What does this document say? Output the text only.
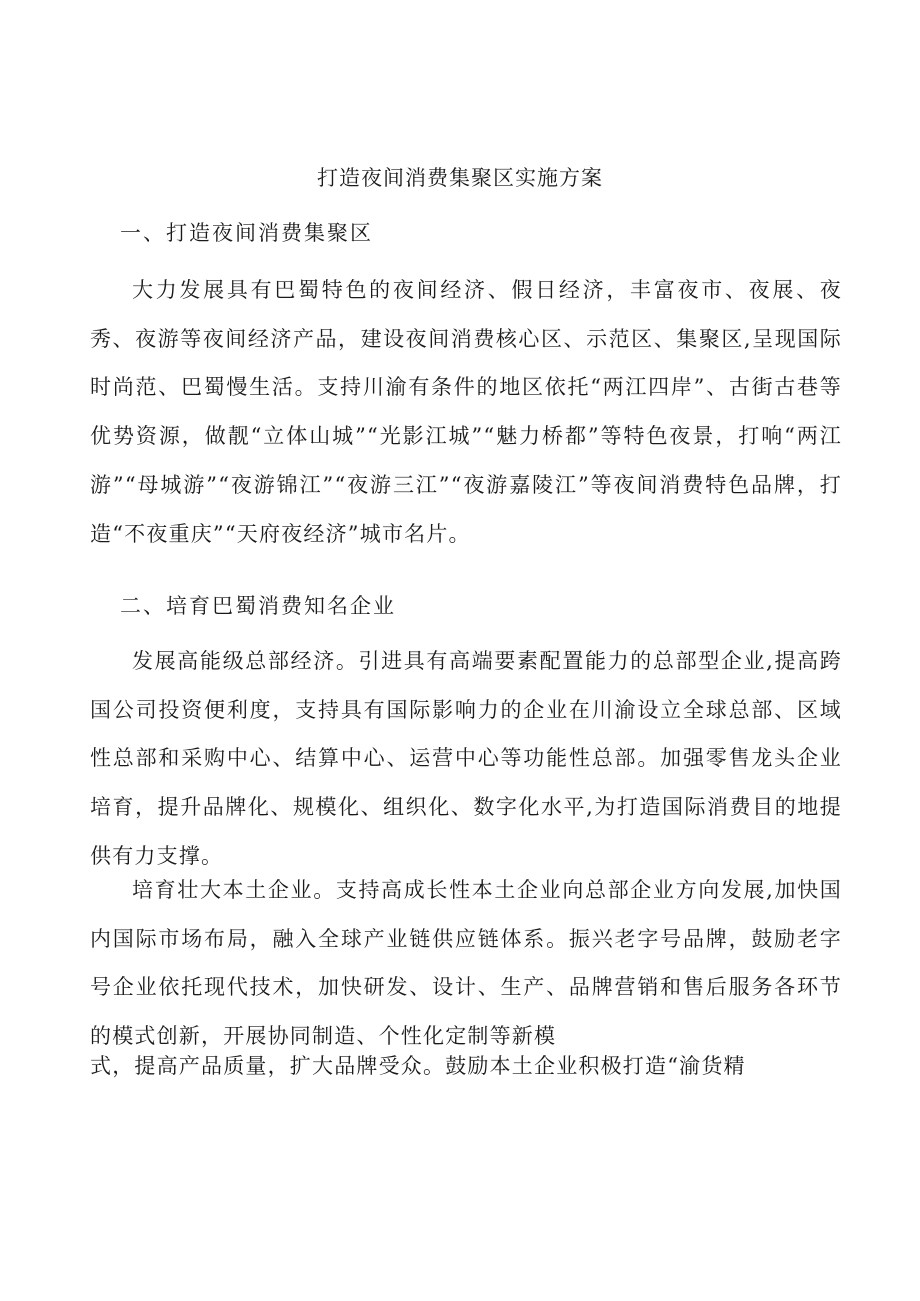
打造夜间消费集聚区实施方案
一、打造夜间消费集聚区

大力发展具有巴蜀特色的夜间经济、假日经济，丰富夜市、夜展、夜秀、夜游等夜间经济产品，建设夜间消费核心区、示范区、集聚区,呈现国际时尚范、巴蜀慢生活。支持川渝有条件的地区依托“两江四岸”、古街古巷等优势资源，做靓“立体山城”“光影江城”“魅力桥都”等特色夜景，打响“两江游”“母城游”“夜游锦江”“夜游三江”“夜游嘉陵江”等夜间消费特色品牌，打造“不夜重庆”“天府夜经济”城市名片。

二、培育巴蜀消费知名企业

发展高能级总部经济。引进具有高端要素配置能力的总部型企业,提高跨国公司投资便利度，支持具有国际影响力的企业在川渝设立全球总部、区域性总部和采购中心、结算中心、运营中心等功能性总部。加强零售龙头企业培育，提升品牌化、规模化、组织化、数字化水平,为打造国际消费目的地提供有力支撑。

培育壮大本土企业。支持高成长性本土企业向总部企业方向发展,加快国内国际市场布局，融入全球产业链供应链体系。振兴老字号品牌，鼓励老字号企业依托现代技术，加快研发、设计、生产、品牌营销和售后服务各环节的模式创新，开展协同制造、个性化定制等新模

式，提高产品质量，扩大品牌受众。鼓励本土企业积极打造“渝货精
